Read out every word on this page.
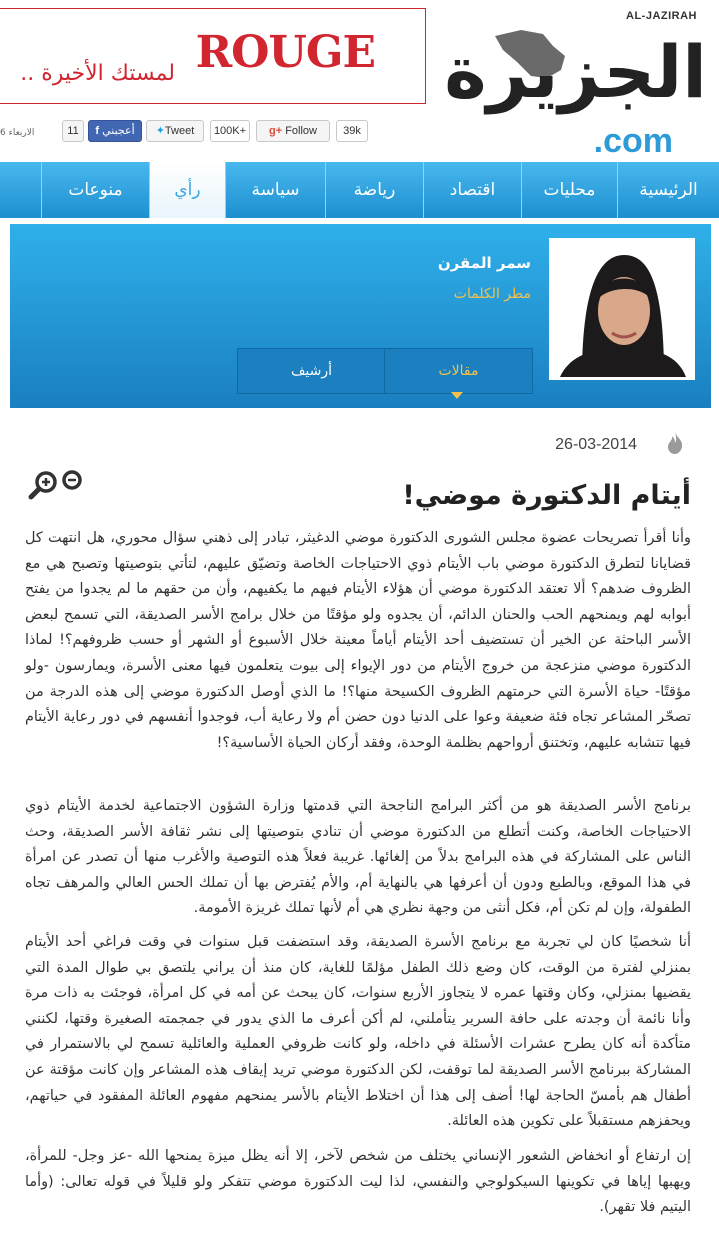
ROUGE
لمستك الأخيرة ..
AL-JAZIRAH
الجزيرة
.com
الاربعاء 6	11	f أعجبني	✦Tweet	100K+	g+ Follow	39k
الرئيسية
محليات
اقتصاد
رياضة
سياسة
رأي
منوعات
سمر المقرن
مطر الكلمات
مقالات
أرشيف
26-03-2014
أيتام الدكتورة موضي!
وأنا أقرأ تصريحات عضوة مجلس الشورى الدكتورة موضي الدغيثر، تبادر إلى ذهني سؤال محوري، هل انتهت كل قضايانا لتطرق الدكتورة موضي باب الأيتام ذوي الاحتياجات الخاصة وتضيّق عليهم، لتأتي بتوصيتها وتصبح هي مع الظروف ضدهم؟ ألا تعتقد الدكتورة موضي أن هؤلاء الأيتام فيهم ما يكفيهم، وأن من حقهم ما لم يجدوا من يفتح أبوابه لهم ويمنحهم الحب والحنان الدائم، أن يجدوه ولو مؤقتًا من خلال برامج الأسر الصديقة، التي تسمح لبعض الأسر الباحثة عن الخير أن تستضيف أحد الأيتام أياماً معينة خلال الأسبوع أو الشهر أو حسب ظروفهم؟! لماذا الدكتورة موضي منزعجة من خروج الأيتام من دور الإيواء إلى بيوت يتعلمون فيها معنى الأسرة، ويمارسون -ولو مؤقتًا- حياة الأسرة التي حرمتهم الظروف الكسيحة منها؟! ما الذي أوصل الدكتورة موضي إلى هذه الدرجة من تصحّر المشاعر تجاه فئة ضعيفة وعوا على الدنيا دون حضن أم ولا رعاية أب، فوجدوا أنفسهم في دور رعاية الأيتام فيها تتشابه عليهم، وتختنق أرواحهم بظلمة الوحدة، وفقد أركان الحياة الأساسية؟!
برنامج الأسر الصديقة هو من أكثر البرامج الناجحة التي قدمتها وزارة الشؤون الاجتماعية لخدمة الأيتام ذوي الاحتياجات الخاصة، وكنت أتطلع من الدكتورة موضي أن تنادي بتوصيتها إلى نشر ثقافة الأسر الصديقة، وحث الناس على المشاركة في هذه البرامج بدلاً من إلغائها. غريبة فعلاً هذه التوصية والأغرب منها أن تصدر عن امرأة في هذا الموقع، وبالطبع ودون أن أعرفها هي بالنهاية أم، والأم يُفترض بها أن تملك الحس العالي والمرهف تجاه الطفولة، وإن لم تكن أم، فكل أنثى من وجهة نظري هي أم لأنها تملك غريزة الأمومة.
أنا شخصيًا كان لي تجربة مع برنامج الأسرة الصديقة، وقد استضفت قبل سنوات في وقت فراغي أحد الأيتام بمنزلي لفترة من الوقت، كان وضع ذلك الطفل مؤلمًا للغاية، كان منذ أن يراني يلتصق بي طوال المدة التي يقضيها بمنزلي، وكان وقتها عمره لا يتجاوز الأربع سنوات، كان يبحث عن أمه في كل امرأة، فوجئت به ذات مرة وأنا نائمة أن وجدته على حافة السرير يتأملني، لم أكن أعرف ما الذي يدور في جمجمته الصغيرة وقتها، لكنني متأكدة أنه كان يطرح عشرات الأسئلة في داخله، ولو كانت ظروفي العملية والعائلية تسمح لي بالاستمرار في المشاركة ببرنامج الأسر الصديقة لما توقفت، لكن الدكتورة موضي تريد إيقاف هذه المشاعر وإن كانت مؤقتة عن أطفال هم بأمسّ الحاجة لها! أضف إلى هذا أن اختلاط الأيتام بالأسر يمنحهم مفهوم العائلة المفقود في حياتهم، ويحفزهم مستقبلاً على تكوين هذه العائلة.
إن ارتفاع أو انخفاض الشعور الإنساني يختلف من شخص لآخر، إلا أنه يظل ميزة يمنحها الله -عز وجل- للمرأة، ويهبها إياها في تكوينها السيكولوجي والنفسي، لذا ليت الدكتورة موضي تتفكر ولو قليلاً في قوله تعالى: (وأما اليتيم فلا تقهر).
